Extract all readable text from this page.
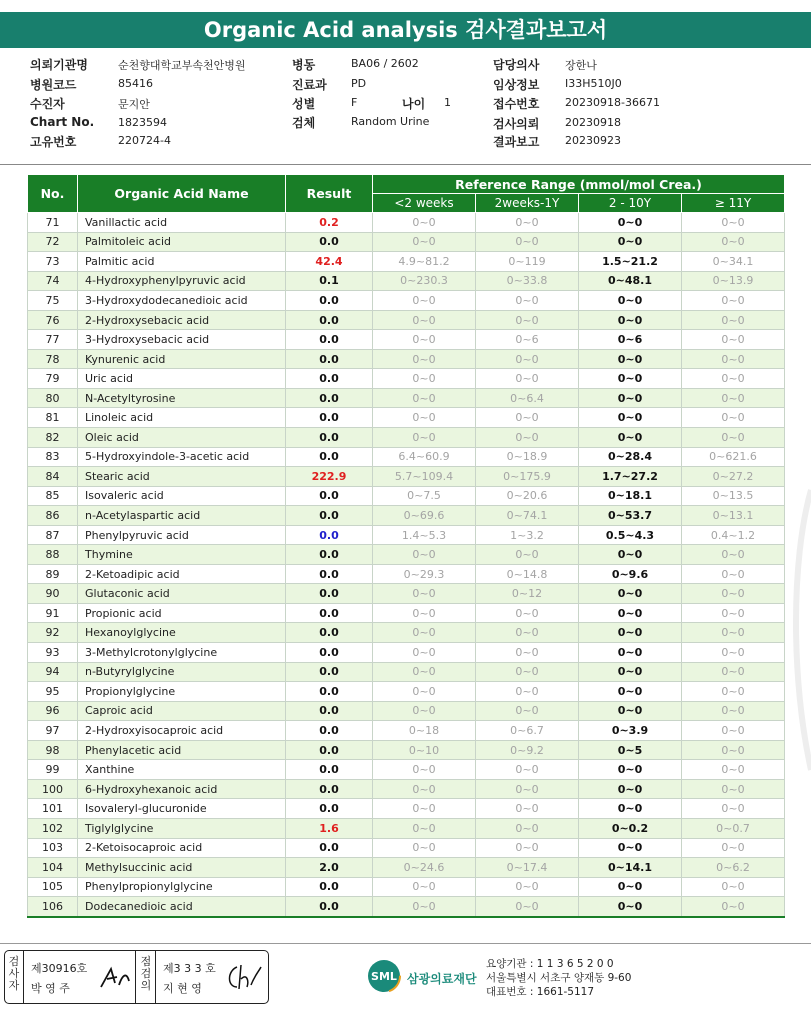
Organic Acid analysis 검사결과보고서
의뢰기관명	순천향대학교부속천안병원
병원코드	85416
수진자	문지안
Chart No. 1823594
고유번호	220724-4
병동	BA06 / 2602
진료과 PD
성별	F	나이 1
검체	Random Urine
담당의사 장한나
임상정보 I33H510J0
접수번호 20230918-36671
검사의뢰 20230918
결과보고 20230923
No.	Organic Acid Name	Result	Reference Range (mmol/mol Crea.)			
			<2 weeks	2weeks-1Y	2 - 10Y	≥ 11Y
71	Vanillactic acid	0.2	0~0	0~0	0~0	0~0
72	Palmitoleic acid	0.0	0~0	0~0	0~0	0~0
73	Palmitic acid	42.4	4.9~81.2	0~119	1.5~21.2	0~34.1
74	4-Hydroxyphenylpyruvic acid	0.1	0~230.3	0~33.8	0~48.1	0~13.9
75	3-Hydroxydodecanedioic acid	0.0	0~0	0~0	0~0	0~0
76	2-Hydroxysebacic acid	0.0	0~0	0~0	0~0	0~0
77	3-Hydroxysebacic acid	0.0	0~0	0~6	0~6	0~0
78	Kynurenic acid	0.0	0~0	0~0	0~0	0~0
79	Uric acid	0.0	0~0	0~0	0~0	0~0
80	N-Acetyltyrosine	0.0	0~0	0~6.4	0~0	0~0
81	Linoleic acid	0.0	0~0	0~0	0~0	0~0
82	Oleic acid	0.0	0~0	0~0	0~0	0~0
83	5-Hydroxyindole-3-acetic acid	0.0	6.4~60.9	0~18.9	0~28.4	0~621.6
84	Stearic acid	222.9	5.7~109.4	0~175.9	1.7~27.2	0~27.2
85	Isovaleric acid	0.0	0~7.5	0~20.6	0~18.1	0~13.5
86	n-Acetylaspartic acid	0.0	0~69.6	0~74.1	0~53.7	0~13.1
87	Phenylpyruvic acid	0.0	1.4~5.3	1~3.2	0.5~4.3	0.4~1.2
88	Thymine	0.0	0~0	0~0	0~0	0~0
89	2-Ketoadipic acid	0.0	0~29.3	0~14.8	0~9.6	0~0
90	Glutaconic acid	0.0	0~0	0~12	0~0	0~0
91	Propionic acid	0.0	0~0	0~0	0~0	0~0
92	Hexanoylglycine	0.0	0~0	0~0	0~0	0~0
93	3-Methylcrotonylglycine	0.0	0~0	0~0	0~0	0~0
94	n-Butyrylglycine	0.0	0~0	0~0	0~0	0~0
95	Propionylglycine	0.0	0~0	0~0	0~0	0~0
96	Caproic acid	0.0	0~0	0~0	0~0	0~0
97	2-Hydroxyisocaproic acid	0.0	0~18	0~6.7	0~3.9	0~0
98	Phenylacetic acid	0.0	0~10	0~9.2	0~5	0~0
99	Xanthine	0.0	0~0	0~0	0~0	0~0
100	6-Hydroxyhexanoic acid	0.0	0~0	0~0	0~0	0~0
101	Isovaleryl-glucuronide	0.0	0~0	0~0	0~0	0~0
102	Tiglylglycine	1.6	0~0	0~0	0~0.2	0~0.7
103	2-Ketoisocaproic acid	0.0	0~0	0~0	0~0	0~0
104	Methylsuccinic acid	2.0	0~24.6	0~17.4	0~14.1	0~6.2
105	Phenylpropionylglycine	0.0	0~0	0~0	0~0	0~0
106	Dodecanedioic acid	0.0	0~0	0~0	0~0	0~0
검사자
제30916호
박 영 주
점검의
제3 3 3 호
지 현 영
SML 삼광의료재단
요양기관 : 1 1 3 6 5 2 0 0
서울특별시 서초구 양재동 9-60
대표번호 : 1661-5117
